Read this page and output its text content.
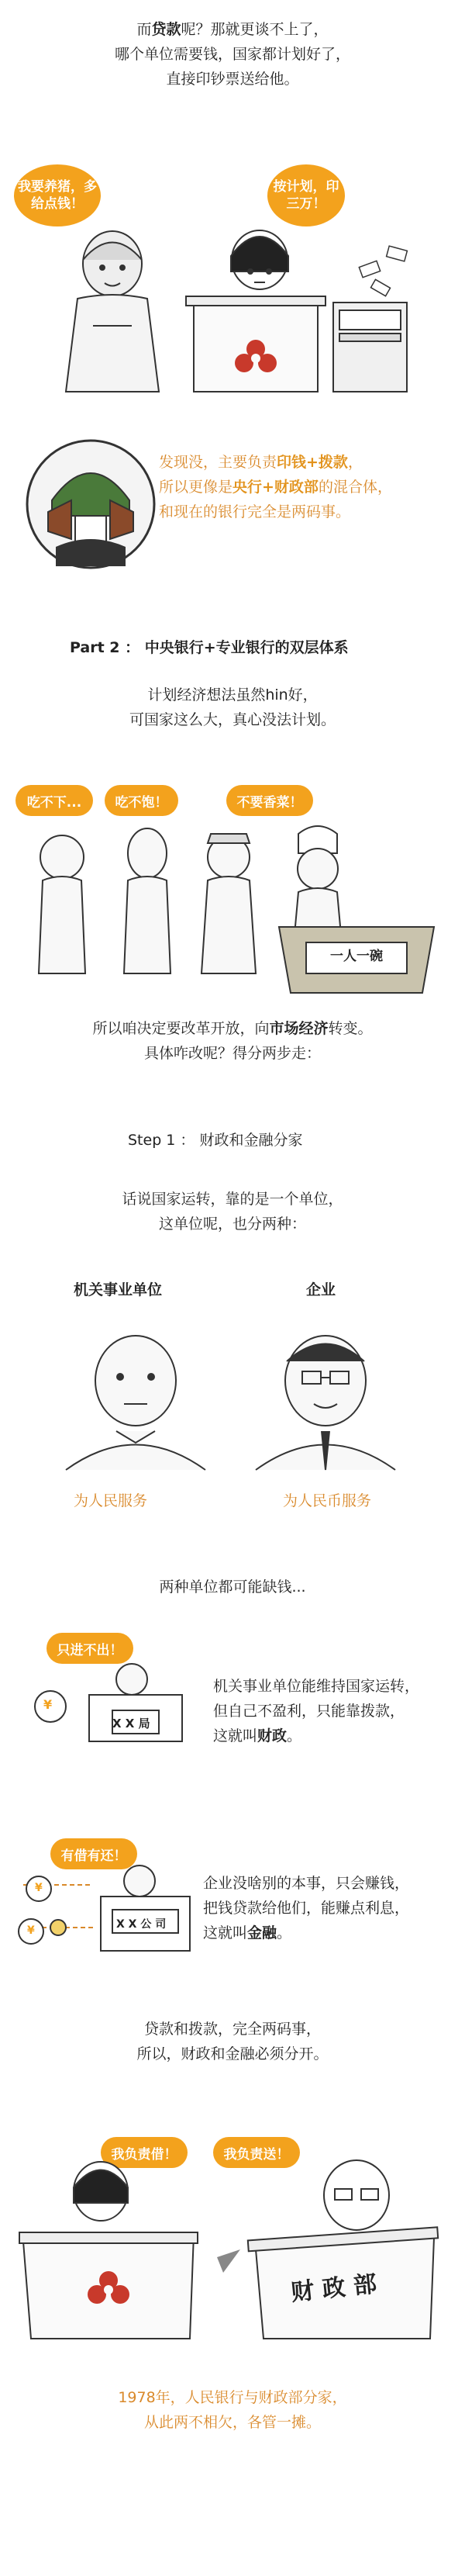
而贷款呢？那就更谈不上了，

哪个单位需要钱，国家都计划好了，

直接印钞票送给他。

我要养猪，多给点钱！
按计划，印三万！

发现没，主要负责印钱+拨款，

所以更像是央行+财政部的混合体，

和现在的银行完全是两码事。

Part 2 ： 中央银行+专业银行的双层体系

计划经济想法虽然hin好，

可国家这么大，真心没法计划。

吃不下...	吃不饱！	不要香菜！
一人一碗

所以咱决定要改革开放，向市场经济转变。

具体咋改呢？得分两步走：

Step 1 ： 财政和金融分家

话说国家运转，靠的是一个单位，

这单位呢，也分两种：

机关事业单位	企业
为人民服务	为人民币服务

两种单位都可能缺钱...

只进不出！
¥
X X 局

机关事业单位能维持国家运转，

但自己不盈利，只能靠拨款，

这就叫财政。

有借有还！
¥
¥	X X 公 司

企业没啥别的本事，只会赚钱，

把钱贷款给他们，能赚点利息，

这就叫金融。

贷款和拨款，完全两码事，

所以，财政和金融必须分开。

我负责借！	我负责送！
财 政 部

1978年，人民银行与财政部分家，

从此两不相欠，各管一摊。
